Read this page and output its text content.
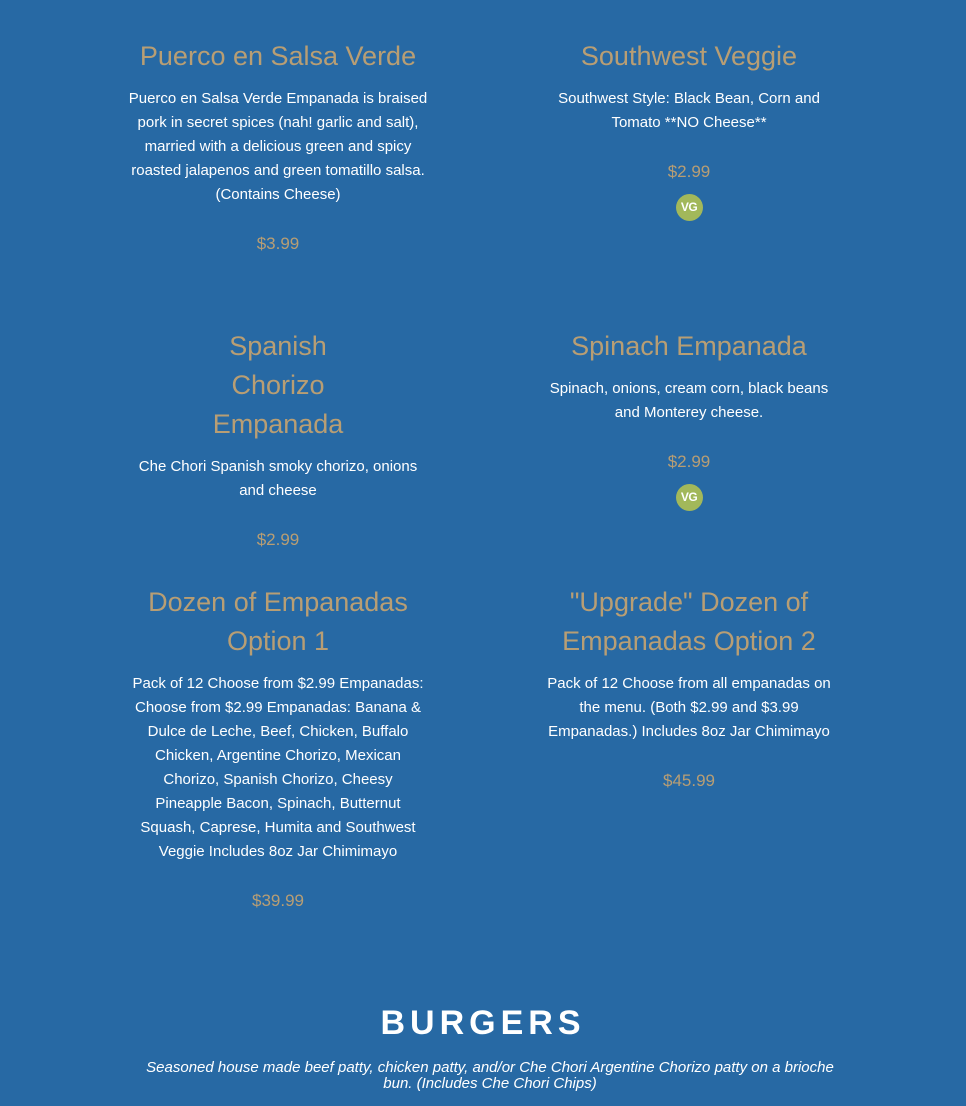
Puerco en Salsa Verde

Puerco en Salsa Verde Empanada is braised pork in secret spices (nah! garlic and salt), married with a delicious green and spicy roasted jalapenos and green tomatillo salsa. (Contains Cheese)

$3.99
Southwest Veggie

Southwest Style: Black Bean, Corn and Tomato **NO Cheese**

$2.99
VG
Spanish Chorizo Empanada

Che Chori Spanish smoky chorizo, onions and cheese

$2.99
Spinach Empanada

Spinach, onions, cream corn, black beans and Monterey cheese.

$2.99
VG
Dozen of Empanadas Option 1

Pack of 12 Choose from $2.99 Empanadas: Choose from $2.99 Empanadas: Banana & Dulce de Leche, Beef, Chicken, Buffalo Chicken, Argentine Chorizo, Mexican Chorizo, Spanish Chorizo, Cheesy Pineapple Bacon, Spinach, Butternut Squash, Caprese, Humita and Southwest Veggie Includes 8oz Jar Chimimayo

$39.99
"Upgrade" Dozen of Empanadas Option 2

Pack of 12 Choose from all empanadas on the menu. (Both $2.99 and $3.99 Empanadas.) Includes 8oz Jar Chimimayo

$45.99
BURGERS

Seasoned house made beef patty, chicken patty, and/or Che Chori Argentine Chorizo patty on a brioche bun. (Includes Che Chori Chips)
